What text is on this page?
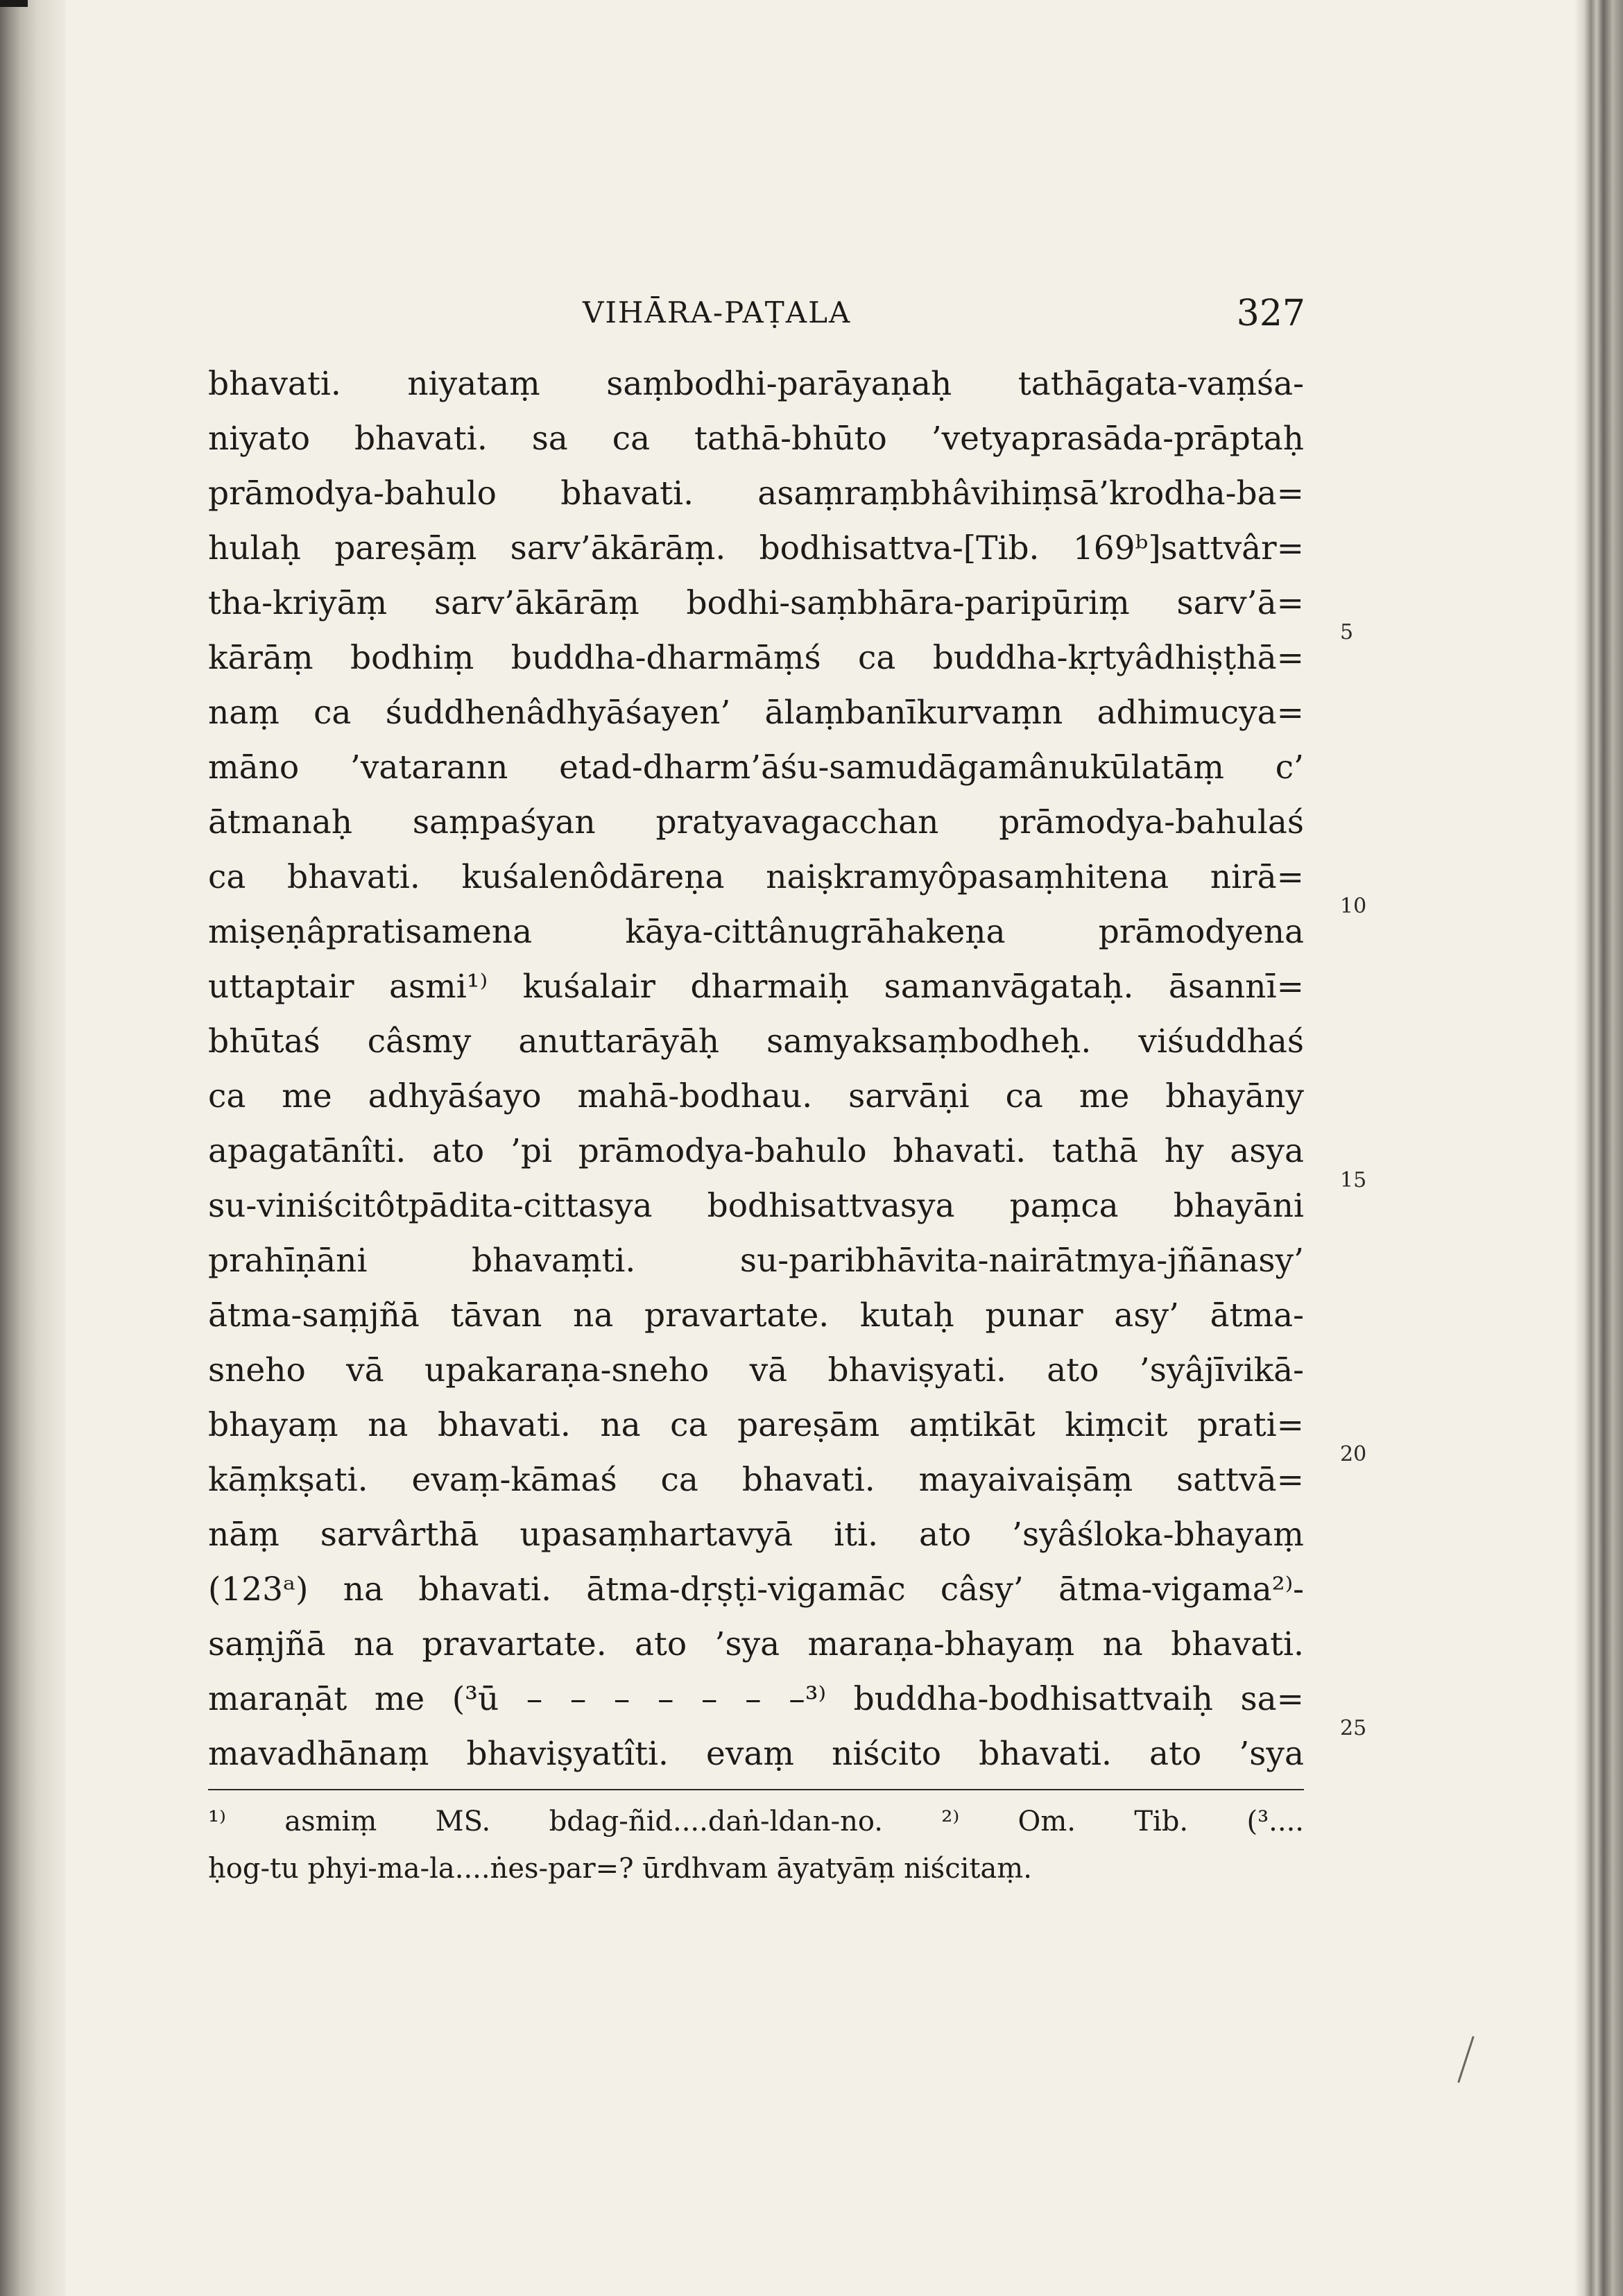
VIHĀRA-PAṬALA	327
bhavati. niyataṃ saṃbodhi-parāyaṇaḥ tathāgata-vaṃśa-
niyato bhavati. sa ca tathā-bhūto ’vetyaprasāda-prāptaḥ
prāmodya-bahulo bhavati. asaṃraṃbhâvihiṃsā’krodha-ba=
hulaḥ pareṣāṃ sarv’ākārāṃ. bodhisattva-[Tib. 169ᵇ]sattvâr=
tha-kriyāṃ sarv’ākārāṃ bodhi-saṃbhāra-paripūriṃ sarv’ā=
kārāṃ bodhiṃ buddha-dharmāṃś ca buddha-kṛtyâdhiṣṭhā=
naṃ ca śuddhenâdhyāśayen’ ālaṃbanīkurvaṃn adhimucya=
māno ’vatarann etad-dharm’āśu-samudāgamânukūlatāṃ c’
ātmanaḥ saṃpaśyan pratyavagacchan prāmodya-bahulaś
ca bhavati. kuśalenôdāreṇa naiṣkramyôpasaṃhitena nirā=
miṣeṇâpratisamena kāya-cittânugrāhakeṇa prāmodyena
uttaptair asmi¹⁾ kuśalair dharmaiḥ samanvāgataḥ. āsannī=
bhūtaś câsmy anuttarāyāḥ samyaksaṃbodheḥ. viśuddhaś
ca me adhyāśayo mahā-bodhau. sarvāṇi ca me bhayāny
apagatānîti. ato ’pi prāmodya-bahulo bhavati. tathā hy asya
su-viniścitôtpādita-cittasya bodhisattvasya paṃca bhayāni
prahīṇāni bhavaṃti. su-paribhāvita-nairātmya-jñānasy’
ātma-saṃjñā tāvan na pravartate. kutaḥ punar asy’ ātma-
sneho vā upakaraṇa-sneho vā bhaviṣyati. ato ’syâjīvikā-
bhayaṃ na bhavati. na ca pareṣām aṃtikāt kiṃcit prati=
kāṃkṣati. evaṃ-kāmaś ca bhavati. mayaivaiṣāṃ sattvā=
nāṃ sarvârthā upasaṃhartavyā iti. ato ’syâśloka-bhayaṃ
(123ᵃ) na bhavati. ātma-dṛṣṭi-vigamāc câsy’ ātma-vigama²⁾-
saṃjñā na pravartate. ato ’sya maraṇa-bhayaṃ na bhavati.
maraṇāt me (³ū – – – – – – –³⁾ buddha-bodhisattvaiḥ sa=
mavadhānaṃ bhaviṣyatîti. evaṃ niścito bhavati. ato ’sya
5
10
15
20
25
¹⁾ asmiṃ MS. bdag-ñid....daṅ-ldan-no. ²⁾ Om. Tib. (³....
ḥog-tu phyi-ma-la....ṅes-par=? ūrdhvam āyatyāṃ niścitaṃ.
